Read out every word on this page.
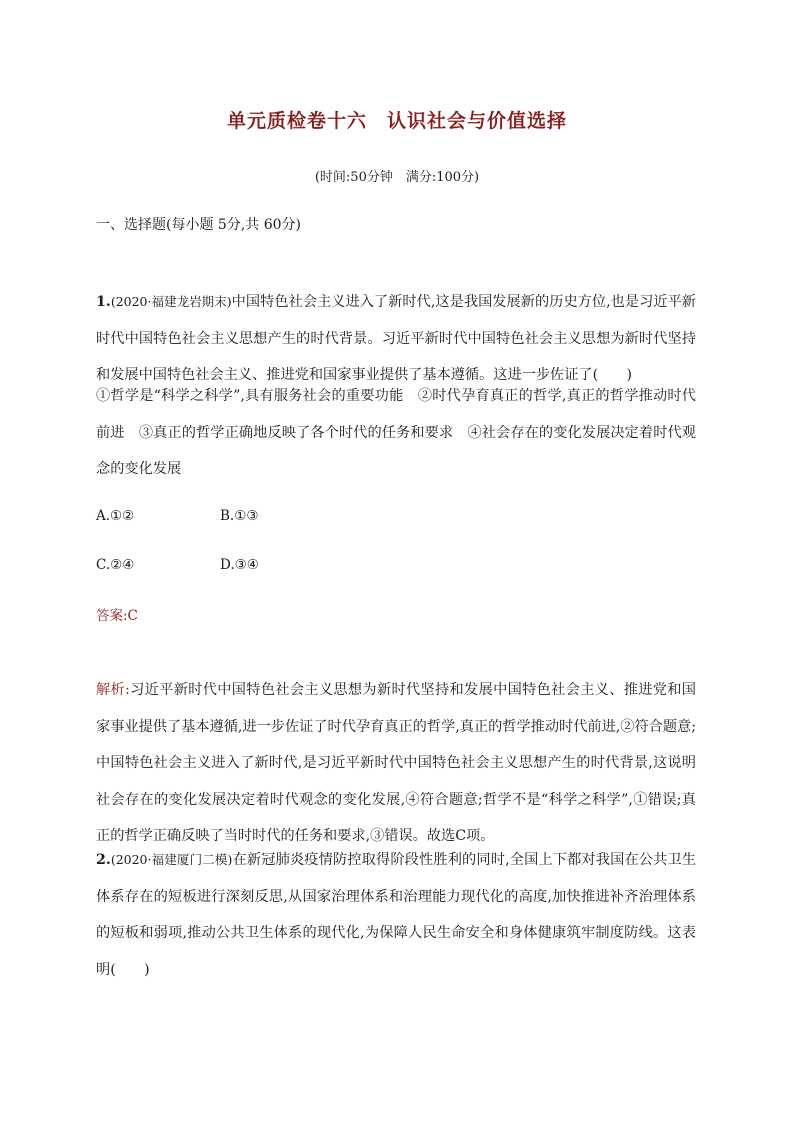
单元质检卷十六　认识社会与价值选择

(时间:50分钟　满分:100分)

一、选择题(每小题 5分,共 60分)

1.(2020·福建龙岩期末)中国特色社会主义进入了新时代,这是我国发展新的历史方位,也是习近平新时代中国特色社会主义思想产生的时代背景。习近平新时代中国特色社会主义思想为新时代坚持和发展中国特色社会主义、推进党和国家事业提供了基本遵循。这进一步佐证了(　　)

①哲学是“科学之科学”,具有服务社会的重要功能　②时代孕育真正的哲学,真正的哲学推动时代前进　③真正的哲学正确地反映了各个时代的任务和要求　④社会存在的变化发展决定着时代观念的变化发展

A.①②	B.①③

C.②④	D.③④

答案:C

解析:习近平新时代中国特色社会主义思想为新时代坚持和发展中国特色社会主义、推进党和国家事业提供了基本遵循,进一步佐证了时代孕育真正的哲学,真正的哲学推动时代前进,②符合题意;中国特色社会主义进入了新时代,是习近平新时代中国特色社会主义思想产生的时代背景,这说明社会存在的变化发展决定着时代观念的变化发展,④符合题意;哲学不是“科学之科学”,①错误;真正的哲学正确反映了当时时代的任务和要求,③错误。故选C项。

2.(2020·福建厦门二模)在新冠肺炎疫情防控取得阶段性胜利的同时,全国上下都对我国在公共卫生体系存在的短板进行深刻反思,从国家治理体系和治理能力现代化的高度,加快推进补齐治理体系的短板和弱项,推动公共卫生体系的现代化,为保障人民生命安全和身体健康筑牢制度防线。这表明(　　)
